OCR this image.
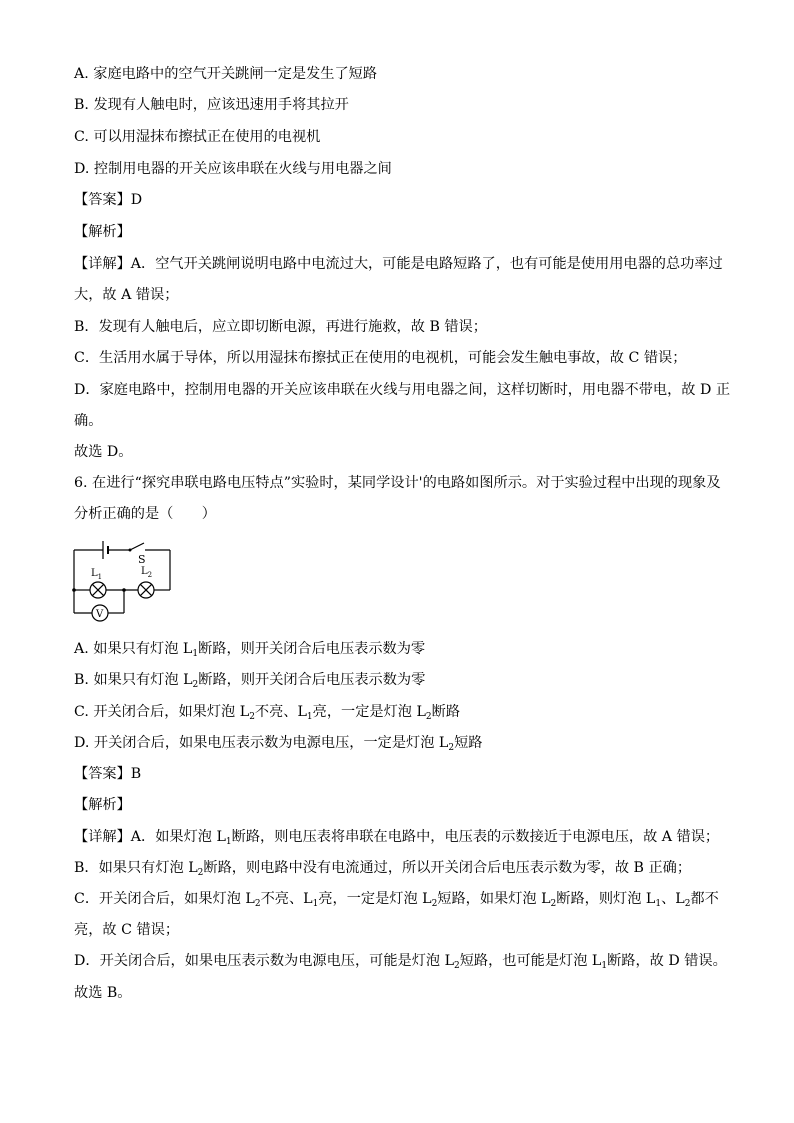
A. 家庭电路中的空气开关跳闸一定是发生了短路
B. 发现有人触电时，应该迅速用手将其拉开
C. 可以用湿抹布擦拭正在使用的电视机
D. 控制用电器的开关应该串联在火线与用电器之间
【答案】D
【解析】
【详解】A．空气开关跳闸说明电路中电流过大，可能是电路短路了，也有可能是使用用电器的总功率过
大，故 A 错误；
B．发现有人触电后，应立即切断电源，再进行施救，故 B 错误；
C．生活用水属于导体，所以用湿抹布擦拭正在使用的电视机，可能会发生触电事故，故 C 错误；
D．家庭电路中，控制用电器的开关应该串联在火线与用电器之间，这样切断时，用电器不带电，故 D 正
确。
故选 D。
6. 在进行“探究串联电路电压特点”实验时，某同学设计'的电路如图所示。对于实验过程中出现的现象及
分析正确的是（　　）
S
$L_1$	$L_2$
V
A. 如果只有灯泡 $L_1$断路，则开关闭合后电压表示数为零
B. 如果只有灯泡 $L_2$断路，则开关闭合后电压表示数为零
C. 开关闭合后，如果灯泡 $L_2$不亮、$L_1$亮，一定是灯泡 $L_2$断路
D. 开关闭合后，如果电压表示数为电源电压，一定是灯泡 $L_2$短路
【答案】B
【解析】
【详解】A．如果灯泡 $L_1$断路，则电压表将串联在电路中，电压表的示数接近于电源电压，故 A 错误；
B．如果只有灯泡 $L_2$断路，则电路中没有电流通过，所以开关闭合后电压表示数为零，故 B 正确；
C．开关闭合后，如果灯泡 $L_2$不亮、$L_1$亮，一定是灯泡 $L_2$短路，如果灯泡 $L_2$断路，则灯泡 $L_1$、$L_2$都不
亮，故 C 错误；
D．开关闭合后，如果电压表示数为电源电压，可能是灯泡 $L_2$短路，也可能是灯泡 $L_1$断路，故 D 错误。
故选 B。
